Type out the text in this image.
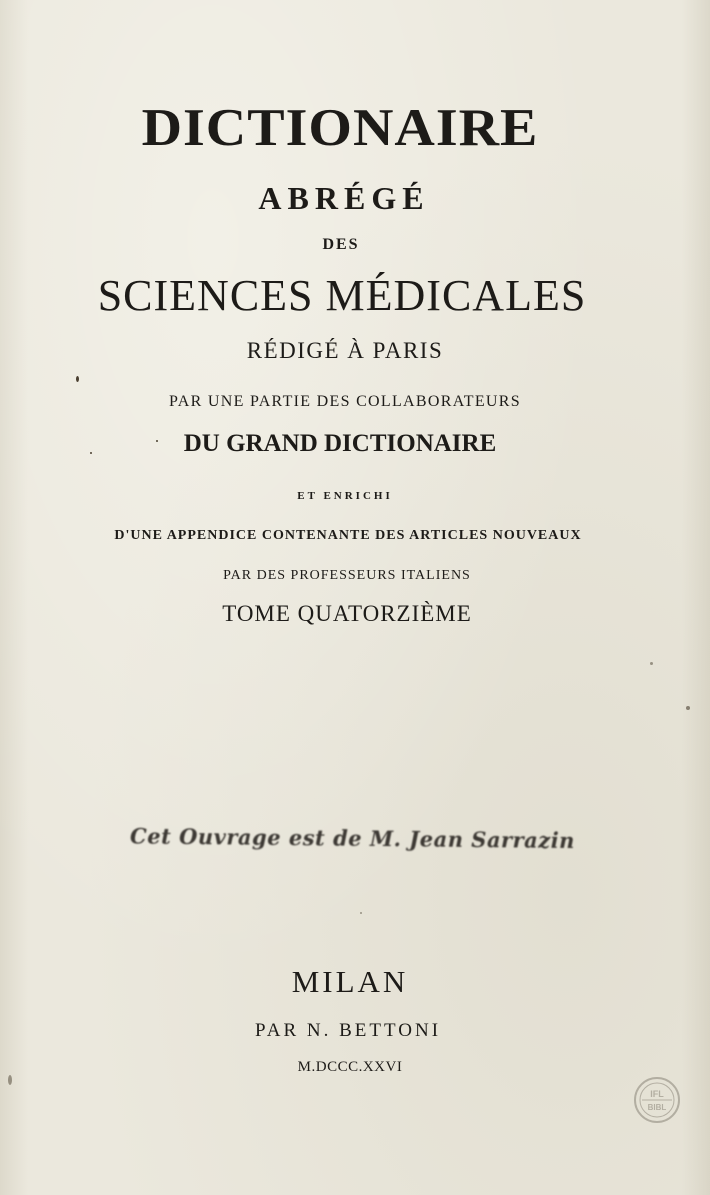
DICTIONAIRE

ABRÉGÉ

DES

SCIENCES MÉDICALES

RÉDIGÉ À PARIS

PAR UNE PARTIE DES COLLABORATEURS

DU GRAND DICTIONAIRE

ET ENRICHI

D'UNE APPENDICE CONTENANTE DES ARTICLES NOUVEAUX

PAR DES PROFESSEURS ITALIENS

TOME QUATORZIÈME

Cet Ouvrage est de M. Jean Sarrazin

MILAN

PAR N. BETTONI

M.DCCC.XXVI

IFL
BIBL
